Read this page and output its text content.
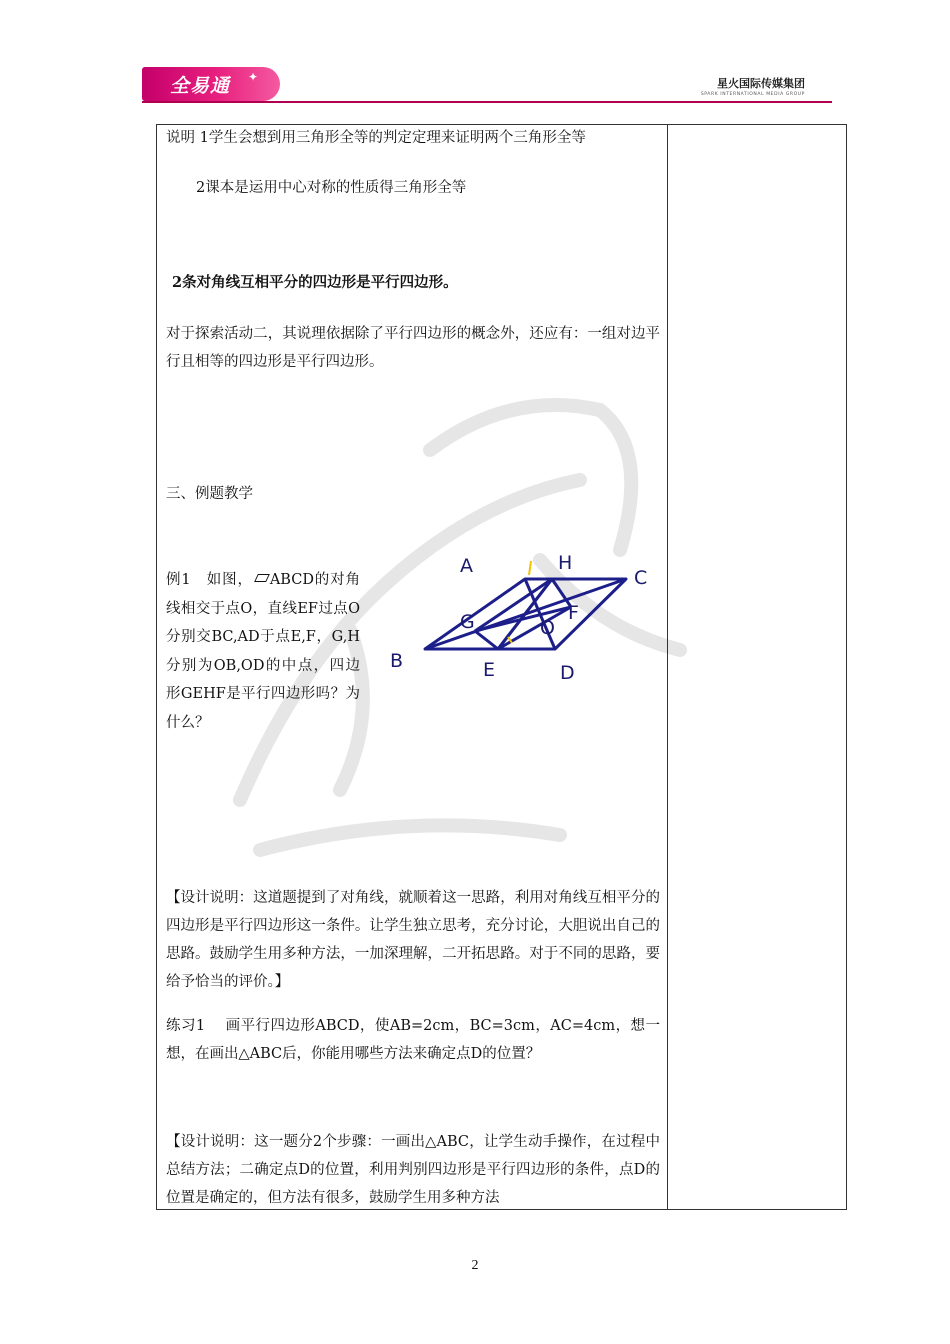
全易通 ✦	星火国际传媒集团
SPARK INTERNATIONAL MEDIA GROUP
说明 1学生会想到用三角形全等的判定定理来证明两个三角形全等
2课本是运用中心对称的性质得三角形全等
2条对角线互相平分的四边形是平行四边形。
对于探索活动二，其说理依据除了平行四边形的概念外，还应有：一组对边平行且相等的四边形是平行四边形。
三、例题教学
例1　如图， ABCD的对角线相交于点O，直线EF过点O分别交BC,AD于点E,F，G,H分别为OB,OD的中点，四边形GEHF是平行四边形吗？为什么？
A	H
C
G	F
O
B	E	D
【设计说明：这道题提到了对角线，就顺着这一思路，利用对角线互相平分的四边形是平行四边形这一条件。让学生独立思考，充分讨论，大胆说出自己的思路。鼓励学生用多种方法，一加深理解，二开拓思路。对于不同的思路，要给予恰当的评价。】
练习1　 画平行四边形ABCD，使AB=2cm，BC=3cm，AC=4cm，想一想，在画出△ABC后，你能用哪些方法来确定点D的位置？
【设计说明：这一题分2个步骤：一画出△ABC，让学生动手操作，在过程中总结方法；二确定点D的位置，利用判别四边形是平行四边形的条件，点D的位置是确定的，但方法有很多，鼓励学生用多种方法
2
